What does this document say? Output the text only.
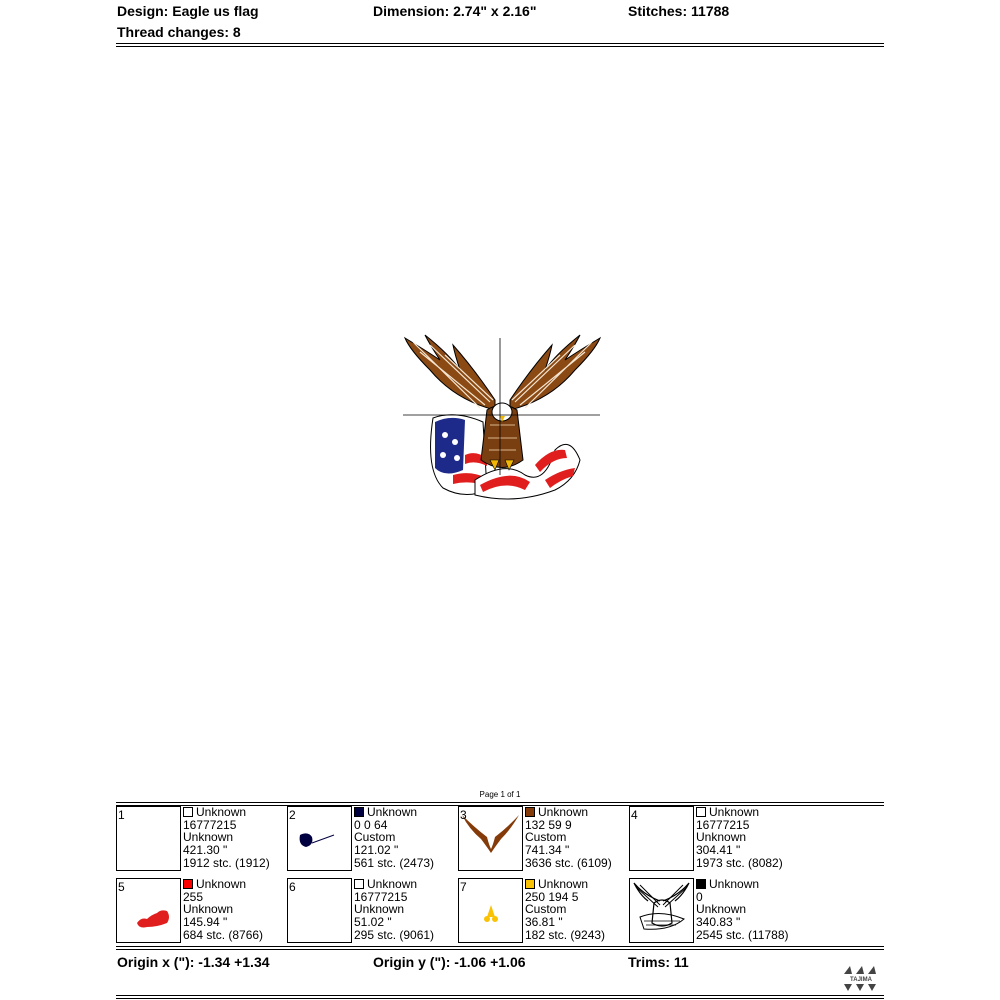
Design: Eagle us flag	Dimension: 2.74" x 2.16"	Stitches: 11788
Thread changes: 8
Page 1 of 1
1	Unknown
16777215
Unknown
421.30 "
1912 stc. (1912)
2	Unknown
0 0 64
Custom
121.02 "
561 stc. (2473)
3	Unknown
132 59 9
Custom
741.34 "
3636 stc. (6109)
4	Unknown
16777215
Unknown
304.41 "
1973 stc. (8082)
5	Unknown
255
Unknown
145.94 "
684 stc. (8766)
6	Unknown
16777215
Unknown
51.02 "
295 stc. (9061)
7	Unknown
250 194 5
Custom
36.81 "
182 stc. (9243)
Unknown
0
Unknown
340.83 "
2545 stc. (11788)
Origin x ("): -1.34 +1.34	Origin y ("): -1.06 +1.06	Trims: 11
TAJIMA
